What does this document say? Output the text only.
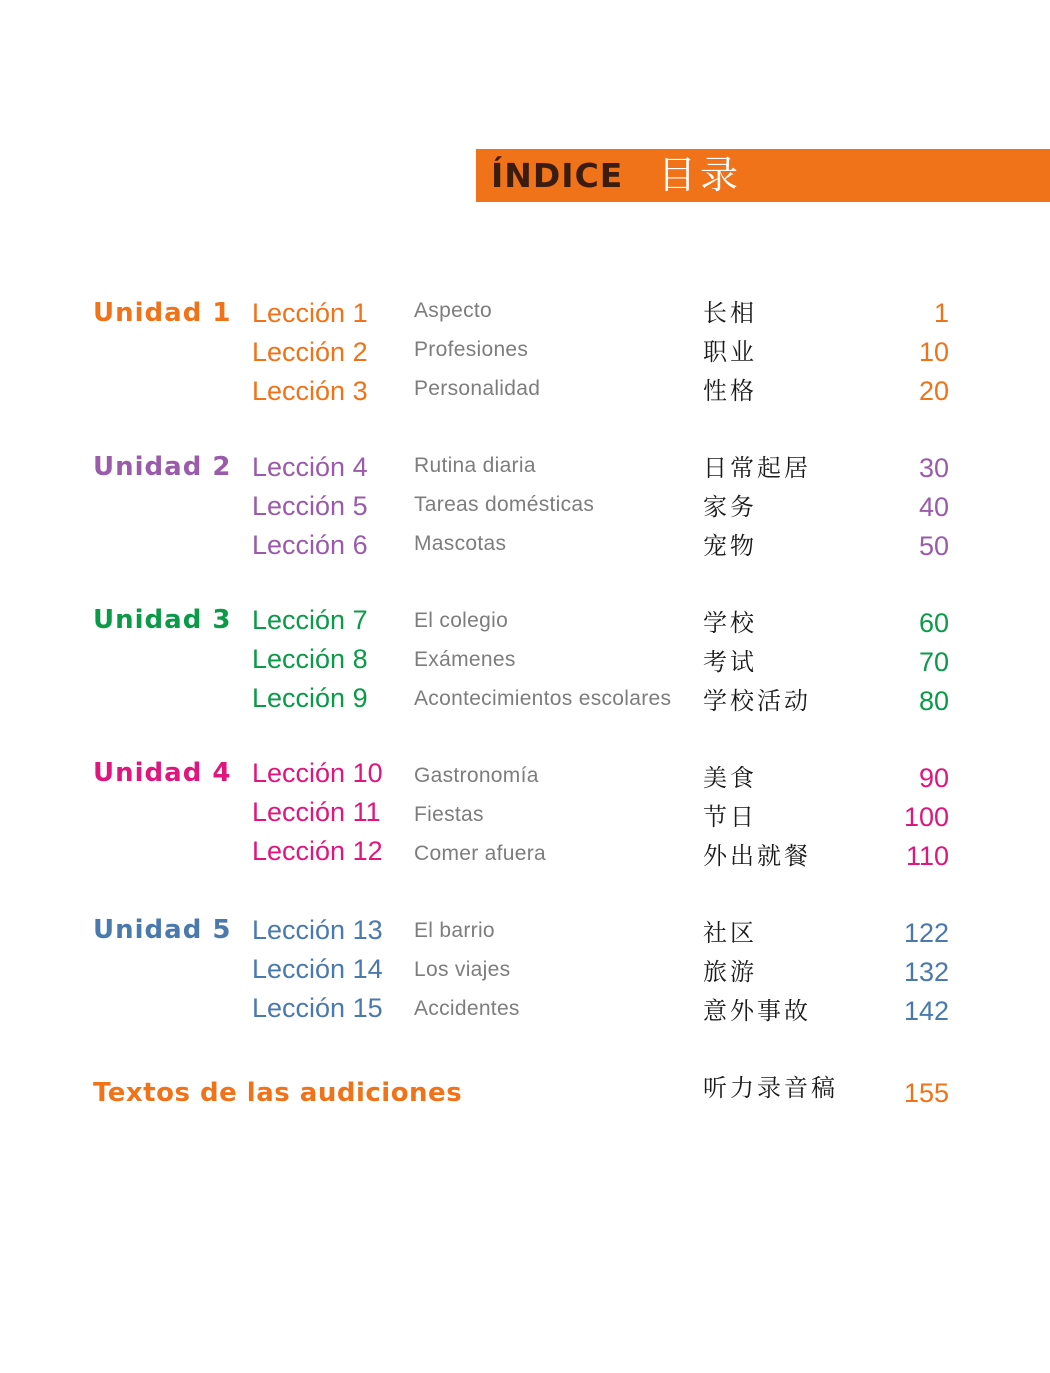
ÍNDICE 目录
Unidad 1 Lección 1 Aspecto	长相	1
Lección 2 Profesiones	职业	10
Lección 3 Personalidad	性格	20
Unidad 2 Lección 4 Rutina diaria	日常起居	30
Lección 5 Tareas domésticas	家务	40
Lección 6 Mascotas	宠物	50
Unidad 3 Lección 7 El colegio	学校	60
Lección 8 Exámenes	考试	70
Lección 9 Acontecimientos escolares 学校活动	80
Unidad 4 Lección 10 Gastronomía	美食	90
Lección 11 Fiestas	节日	100
Lección 12 Comer afuera	外出就餐	110
Unidad 5 Lección 13 El barrio	社区	122
Lección 14 Los viajes	旅游	132
Lección 15 Accidentes	意外事故	142
Textos de las audiciones	听力录音稿 155
